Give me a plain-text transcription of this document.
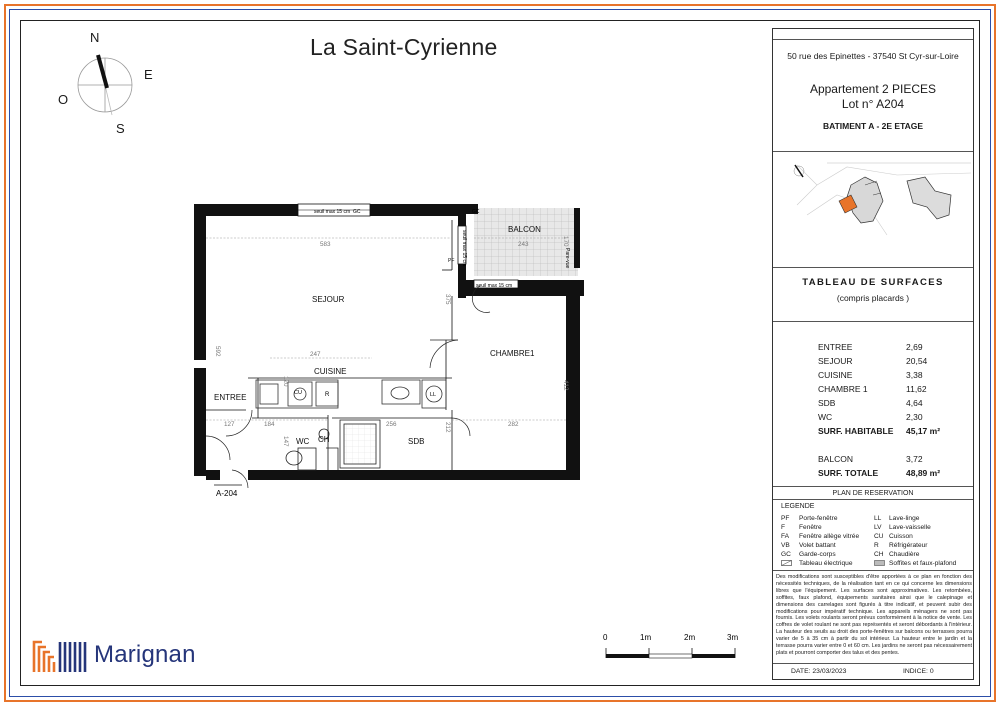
La Saint-Cyrienne
N
E
S
O
seuil max 15 cm GC
seuil max 15 cm
seuil max 15 cm
GC
Pare-vue
CU	R	LL
583
247
592
375
243	170
412
282
212
256
184
127
147
120
SEJOUR
CUISINE
ENTREE
CHAMBRE1
BALCON
SDB
WC CH
PF
A-204
50 rue des Epinettes - 37540 St Cyr-sur-Loire
Appartement 2 PIECES
Lot n° A204
BATIMENT A - 2E ETAGE
TABLEAU DE SURFACES
(compris placards )
ENTREE	2,69
SEJOUR	20,54
CUISINE	3,38
CHAMBRE 1	11,62
SDB	4,64
WC	2,30
SURF. HABITABLE	45,17 m²
BALCON	3,72
SURF. TOTALE	48,89 m²
PLAN DE RESERVATION
LEGENDE
PF	Porte-fenêtre	LL	Lave-linge
F	Fenêtre	LV	Lave-vaisselle
FA	Fenêtre allège vitrée	CU Cuisson
VB	Volet battant	R	Réfrigérateur
GC	Garde-corps	CH Chaudière
Tableau électrique	Soffites et faux-plafond
Des modifications sont susceptibles d'être apportées à ce plan en fonction des nécessités techniques, de la réalisation tant en ce qui concerne les dimensions libres que l'équipement. Les surfaces sont approximatives. Les retombées, soffites, faux plafond, équipements sanitaires ainsi que le calepinage et dimensions des carrelages sont figurés à titre indicatif, et peuvent subir des modifications pour impératif technique. Les appareils ménagers ne sont pas fournis. Les volets roulants seront prévus conformément à la notice de vente. Les coffres de volet roulant ne sont pas représentés et seront débordants à l'intérieur. La hauteur des seuils au droit des porte-fenêtres sur balcons ou terrasses pourra varier de 5 à 35 cm à partir du sol intérieur. La hauteur entre le jardin et la terrasse pourra varier entre 0 et 60 cm. Les jardins ne seront pas nécessairement plats et pourront comporter des talus et des pentes.
DATE: 23/03/2023	INDICE: 0
Marignan
0	1m	2m	3m
